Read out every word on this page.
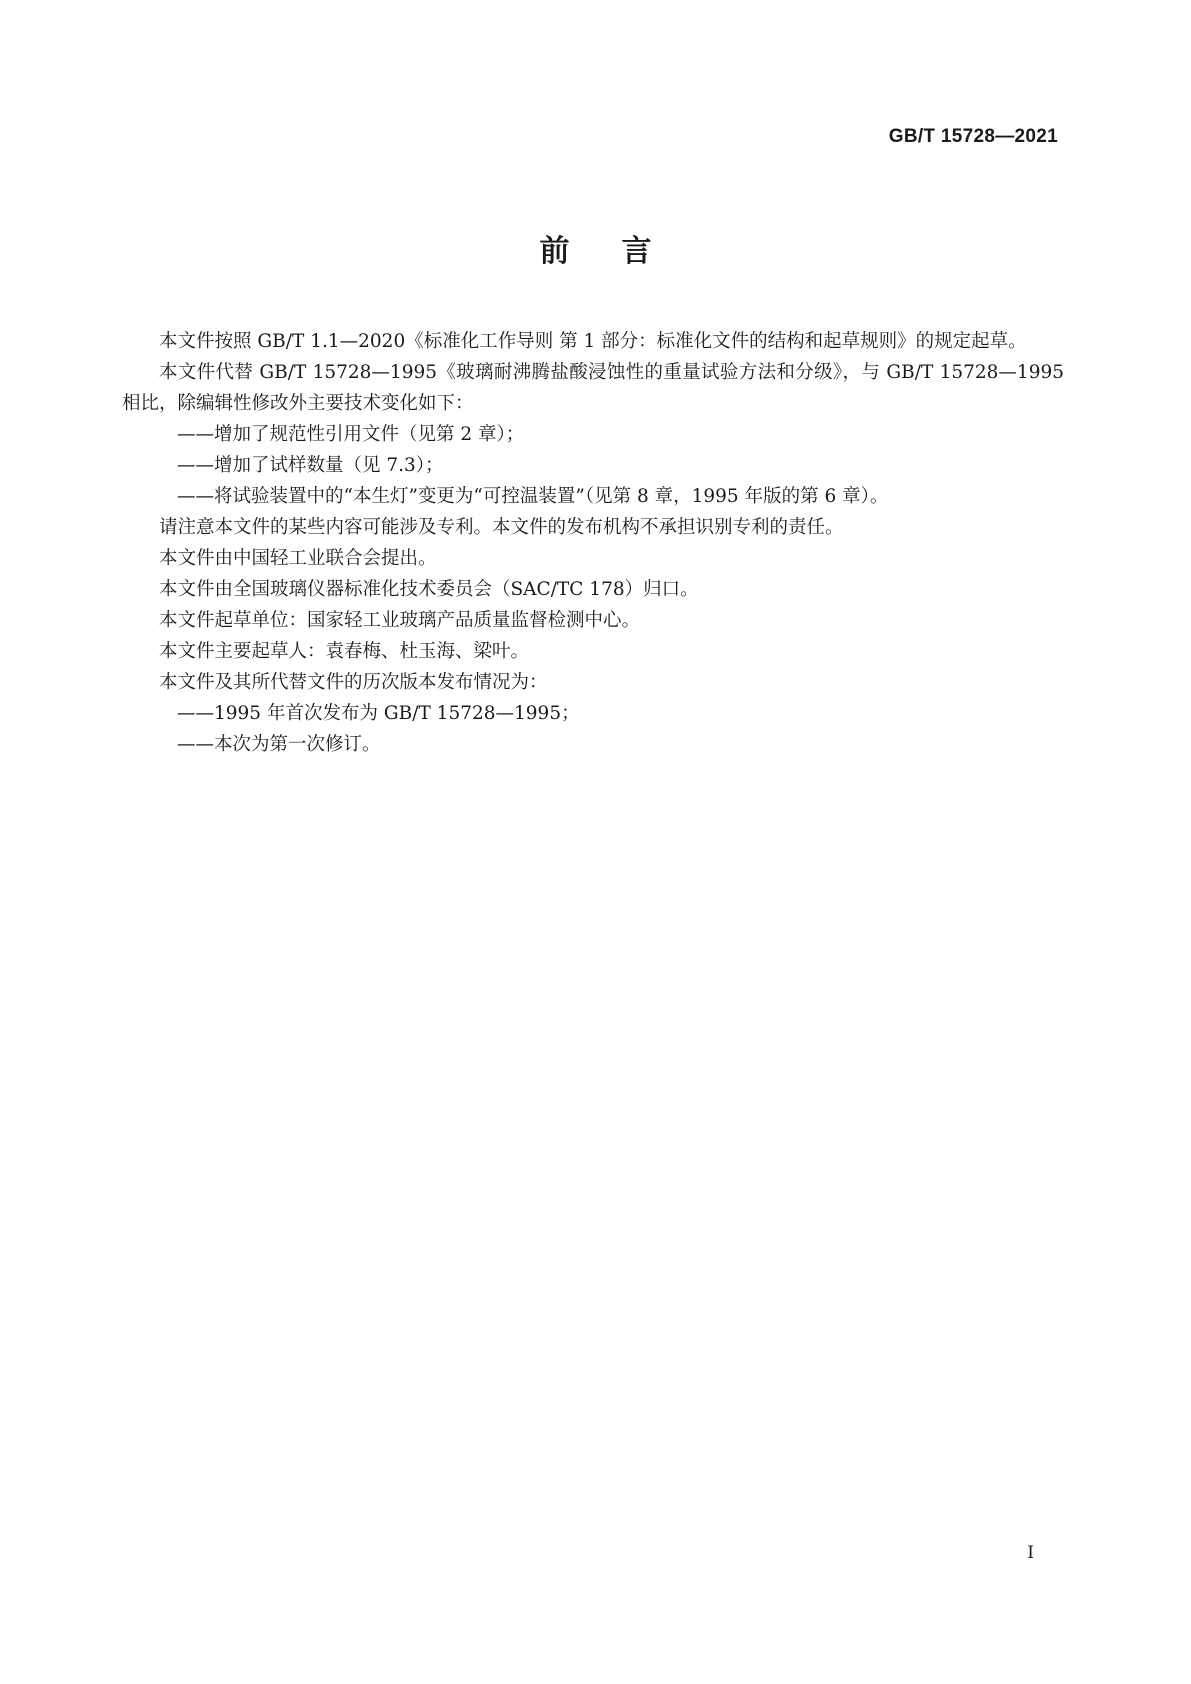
GB/T 15728—2021
前言

本文件按照 GB/T 1.1—2020《标准化工作导则 第 1 部分：标准化文件的结构和起草规则》的规定起草。

本文件代替 GB/T 15728—1995《玻璃耐沸腾盐酸浸蚀性的重量试验方法和分级》，与 GB/T 15728—1995 相比，除编辑性修改外主要技术变化如下：

——增加了规范性引用文件（见第 2 章）；

——增加了试样数量（见 7.3）；

——将试验装置中的“本生灯”变更为“可控温装置”（见第 8 章，1995 年版的第 6 章）。

请注意本文件的某些内容可能涉及专利。本文件的发布机构不承担识别专利的责任。

本文件由中国轻工业联合会提出。

本文件由全国玻璃仪器标准化技术委员会（SAC/TC 178）归口。

本文件起草单位：国家轻工业玻璃产品质量监督检测中心。

本文件主要起草人：袁春梅、杜玉海、梁叶。

本文件及其所代替文件的历次版本发布情况为：

——1995 年首次发布为 GB/T 15728—1995；

——本次为第一次修订。

I
